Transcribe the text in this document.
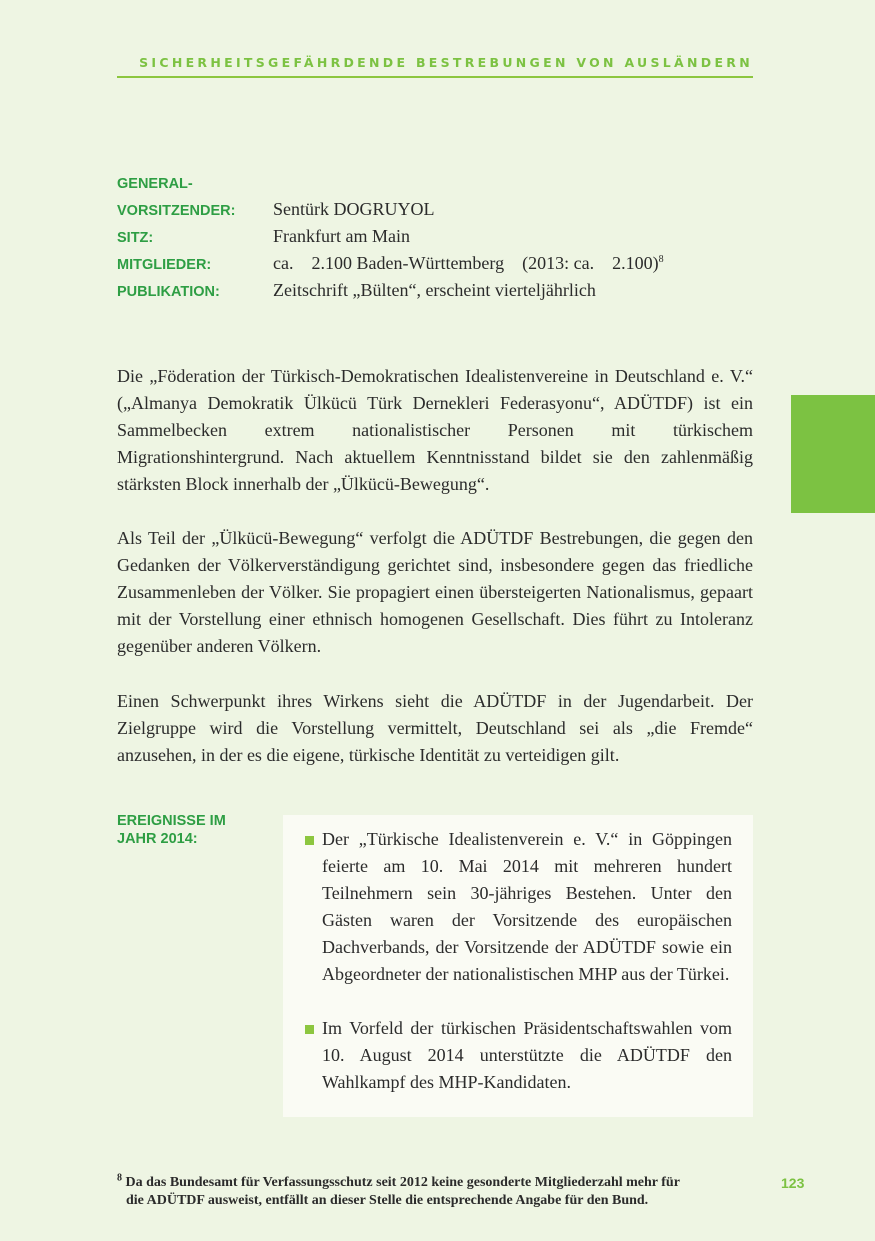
SICHERHEITSGEFÄHRDENDE BESTREBUNGEN VON AUSLÄNDERN
GENERAL-
VORSITZENDER: Sentürk DOGRUYOL
SITZ:	Frankfurt am Main
MITGLIEDER:	ca.    2.100 Baden-Württemberg    (2013: ca.    2.100)$^8$
PUBLIKATION:	Zeitschrift „Bülten“, erscheint vierteljährlich

Die „Föderation der Türkisch-Demokratischen Idealistenvereine in Deutschland e. V.“ („Almanya Demokratik Ülkücü Türk Dernekleri Federasyonu“, ADÜTDF) ist ein Sammelbecken extrem nationalistischer Personen mit türkischem Migrationshintergrund. Nach aktuellem Kenntnisstand bildet sie den zahlenmäßig stärksten Block innerhalb der „Ülkücü-Bewegung“.

Als Teil der „Ülkücü-Bewegung“ verfolgt die ADÜTDF Bestrebungen, die gegen den Gedanken der Völkerverständigung gerichtet sind, insbesondere gegen das friedliche Zusammenleben der Völker. Sie propagiert einen übersteigerten Nationalismus, gepaart mit der Vorstellung einer ethnisch homogenen Gesellschaft. Dies führt zu Intoleranz gegenüber anderen Völkern.

Einen Schwerpunkt ihres Wirkens sieht die ADÜTDF in der Jugendarbeit. Der Zielgruppe wird die Vorstellung vermittelt, Deutschland sei als „die Fremde“ anzusehen, in der es die eigene, türkische Identität zu verteidigen gilt.

EREIGNISSE IM
JAHR 2014:	Der „Türkische Idealistenverein e. V.“ in Göppingen feierte am 10. Mai 2014 mit mehreren hundert Teilnehmern sein 30-jähriges Bestehen. Unter den Gästen waren der Vorsitzende des europäischen Dachverbands, der Vorsitzende der ADÜTDF sowie ein Abgeordneter der nationalistischen MHP aus der Türkei.

Im Vorfeld der türkischen Präsidentschaftswahlen vom 10. August 2014 unterstützte die ADÜTDF den Wahlkampf des MHP-Kandidaten.

$^8$ Da das Bundesamt für Verfassungsschutz seit 2012 keine gesonderte Mitgliederzahl mehr für
die ADÜTDF ausweist, entfällt an dieser Stelle die entsprechende Angabe für den Bund.
123
